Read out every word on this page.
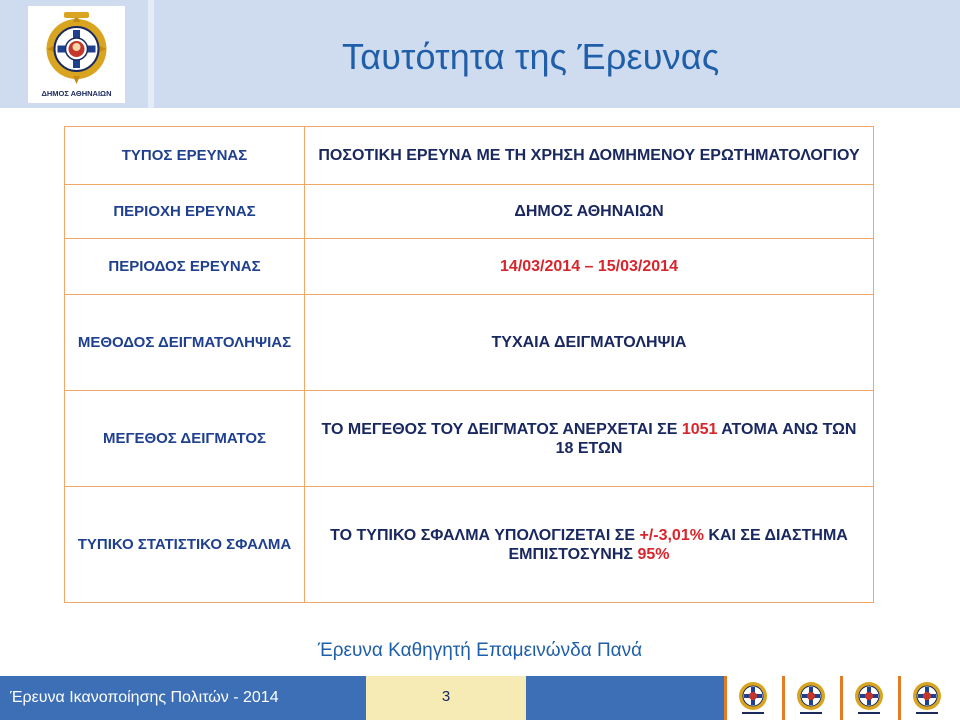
ΔΗΜΟΣ ΑΘΗΝΑΙΩΝ
Ταυτότητα της Έρευνας
ΤΥΠΟΣ ΕΡΕΥΝΑΣ	ΠΟΣΟΤΙΚΗ ΕΡΕΥΝΑ ΜΕ ΤΗ ΧΡΗΣΗ ΔΟΜΗΜΕΝΟΥ ΕΡΩΤΗΜΑΤΟΛΟΓΙΟΥ
ΠΕΡΙΟΧΗ ΕΡΕΥΝΑΣ	ΔΗΜΟΣ ΑΘΗΝΑΙΩΝ
ΠΕΡΙΟΔΟΣ ΕΡΕΥΝΑΣ	14/03/2014 – 15/03/2014
ΜΕΘΟΔΟΣ ΔΕΙΓΜΑΤΟΛΗΨΙΑΣ	ΤΥΧΑΙΑ ΔΕΙΓΜΑΤΟΛΗΨΙΑ
ΜΕΓΕΘΟΣ ΔΕΙΓΜΑΤΟΣ	ΤΟ ΜΕΓΕΘΟΣ ΤΟΥ ΔΕΙΓΜΑΤΟΣ ΑΝΕΡΧΕΤΑΙ ΣΕ 1051 ΑΤΟΜΑ ΑΝΩ ΤΩΝ 18 ΕΤΩΝ
ΤΥΠΙΚΟ ΣΤΑΤΙΣΤΙΚΟ ΣΦΑΛΜΑ	ΤΟ ΤΥΠΙΚΟ ΣΦΑΛΜΑ ΥΠΟΛΟΓΙΖΕΤΑΙ ΣΕ +/-3,01% ΚΑΙ ΣΕ ΔΙΑΣΤΗΜΑ ΕΜΠΙΣΤΟΣΥΝΗΣ 95%
Έρευνα Καθηγητή Επαμεινώνδα Πανά
Έρευνα Ικανοποίησης Πολιτών - 2014	3
